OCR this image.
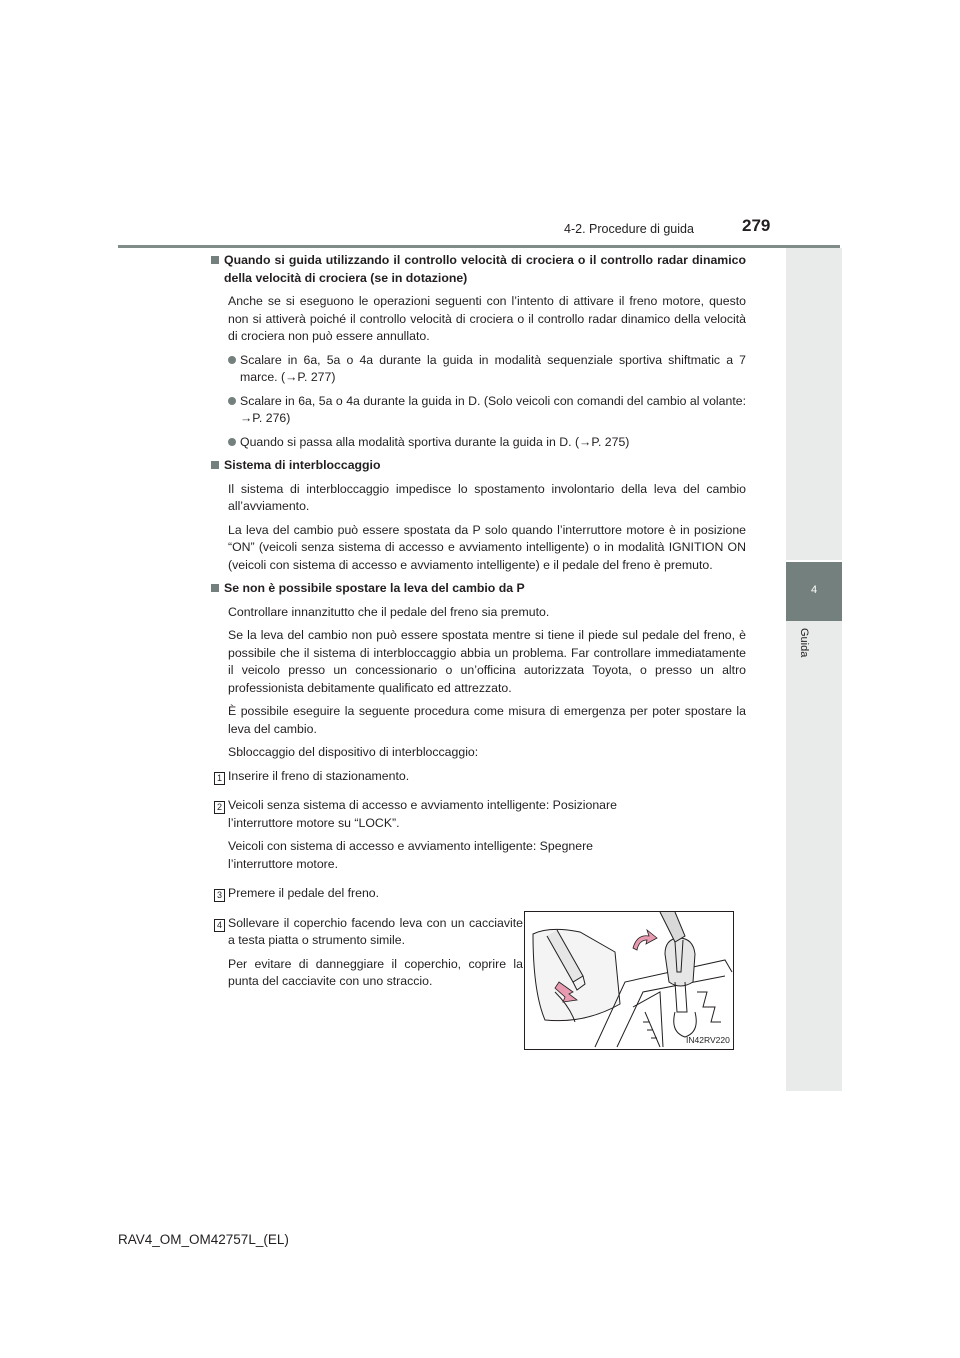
4-2. Procedure di guida	279
4
Guida

Quando si guida utilizzando il controllo velocità di crociera o il controllo radar dinamico della velocità di crociera (se in dotazione)

Anche se si eseguono le operazioni seguenti con l’intento di attivare il freno motore, questo non si attiverà poiché il controllo velocità di crociera o il controllo radar dinamico della velocità di crociera non può essere annullato.

Scalare in 6a, 5a o 4a durante la guida in modalità sequenziale sportiva shiftmatic a 7 marce. (→P. 277)

Scalare in 6a, 5a o 4a durante la guida in D. (Solo veicoli con comandi del cambio al volante: →P. 276)

Quando si passa alla modalità sportiva durante la guida in D. (→P. 275)

Sistema di interbloccaggio

Il sistema di interbloccaggio impedisce lo spostamento involontario della leva del cambio all’avviamento.

La leva del cambio può essere spostata da P solo quando l’interruttore motore è in posizione “ON” (veicoli senza sistema di accesso e avviamento intelligente) o in modalità IGNITION ON (veicoli con sistema di accesso e avviamento intelligente) e il pedale del freno è premuto.

Se non è possibile spostare la leva del cambio da P

Controllare innanzitutto che il pedale del freno sia premuto.

Se la leva del cambio non può essere spostata mentre si tiene il piede sul pedale del freno, è possibile che il sistema di interbloccaggio abbia un problema. Far controllare immediatamente il veicolo presso un concessionario o un’officina autorizzata Toyota, o presso un altro professionista debitamente qualificato ed attrezzato.

È possibile eseguire la seguente procedura come misura di emergenza per poter spostare la leva del cambio.

Sbloccaggio del dispositivo di interbloccaggio:

1 Inserire il freno di stazionamento.

2 Veicoli senza sistema di accesso e avviamento intelligente: Posizionare l’interruttore motore su “LOCK”.

Veicoli con sistema di accesso e avviamento intelligente: Spegnere l’interruttore motore.

3 Premere il pedale del freno.

4 Sollevare il coperchio facendo leva con un cacciavite a testa piatta o strumento simile.

Per evitare di danneggiare il coperchio, coprire la punta del cacciavite con uno straccio.

IN42RV220
RAV4_OM_OM42757L_(EL)
